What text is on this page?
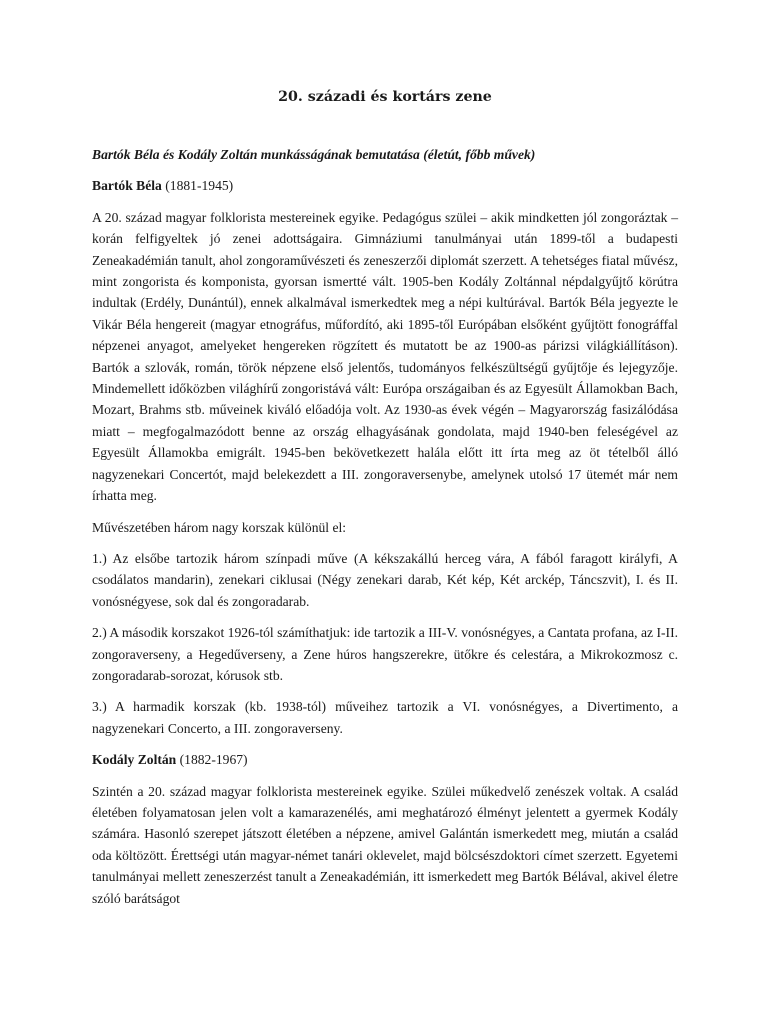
20. századi és kortárs zene
Bartók Béla és Kodály Zoltán munkásságának bemutatása (életút, főbb művek)
Bartók Béla (1881-1945)

A 20. század magyar folklorista mestereinek egyike. Pedagógus szülei – akik mindketten jól zongoráztak – korán felfigyeltek jó zenei adottságaira. Gimnáziumi tanulmányai után 1899-től a budapesti Zeneakadémián tanult, ahol zongoraművészeti és zeneszerzői diplomát szerzett. A tehetséges fiatal művész, mint zongorista és komponista, gyorsan ismertté vált. 1905-ben Kodály Zoltánnal népdalgyűjtő körútra indultak (Erdély, Dunántúl), ennek alkalmával ismerkedtek meg a népi kultúrával. Bartók Béla jegyezte le Vikár Béla hengereit (magyar etnográfus, műfordító, aki 1895-től Európában elsőként gyűjtött fonográffal népzenei anyagot, amelyeket hengereken rögzített és mutatott be az 1900-as párizsi világkiállításon). Bartók a szlovák, román, török népzene első jelentős, tudományos felkészültségű gyűjtője és lejegyzője. Mindemellett időközben világhírű zongoristává vált: Európa országaiban és az Egyesült Államokban Bach, Mozart, Brahms stb. műveinek kiváló előadója volt. Az 1930-as évek végén – Magyarország fasizálódása miatt – megfogalmazódott benne az ország elhagyásának gondolata, majd 1940-ben feleségével az Egyesült Államokba emigrált. 1945-ben bekövetkezett halála előtt itt írta meg az öt tételből álló nagyzenekari Concertót, majd belekezdett a III. zongoraversenybe, amelynek utolsó 17 ütemét már nem írhatta meg.

Művészetében három nagy korszak különül el:

1.) Az elsőbe tartozik három színpadi műve (A kékszakállú herceg vára, A fából faragott királyfi, A csodálatos mandarin), zenekari ciklusai (Négy zenekari darab, Két kép, Két arckép, Táncszvit), I. és II. vonósnégyese, sok dal és zongoradarab.

2.) A második korszakot 1926-tól számíthatjuk: ide tartozik a III-V. vonósnégyes, a Cantata profana, az I-II. zongoraverseny, a Hegedűverseny, a Zene húros hangszerekre, ütőkre és celestára, a Mikrokozmosz c. zongoradarab-sorozat, kórusok stb.

3.) A harmadik korszak (kb. 1938-tól) műveihez tartozik a VI. vonósnégyes, a Divertimento, a nagyzenekari Concerto, a III. zongoraverseny.

Kodály Zoltán (1882-1967)

Szintén a 20. század magyar folklorista mestereinek egyike. Szülei műkedvelő zenészek voltak. A család életében folyamatosan jelen volt a kamarazenélés, ami meghatározó élményt jelentett a gyermek Kodály számára. Hasonló szerepet játszott életében a népzene, amivel Galántán ismerkedett meg, miután a család oda költözött. Érettségi után magyar-német tanári oklevelet, majd bölcsészdoktori címet szerzett. Egyetemi tanulmányai mellett zeneszerzést tanult a Zeneakadémián, itt ismerkedett meg Bartók Bélával, akivel életre szóló barátságot
